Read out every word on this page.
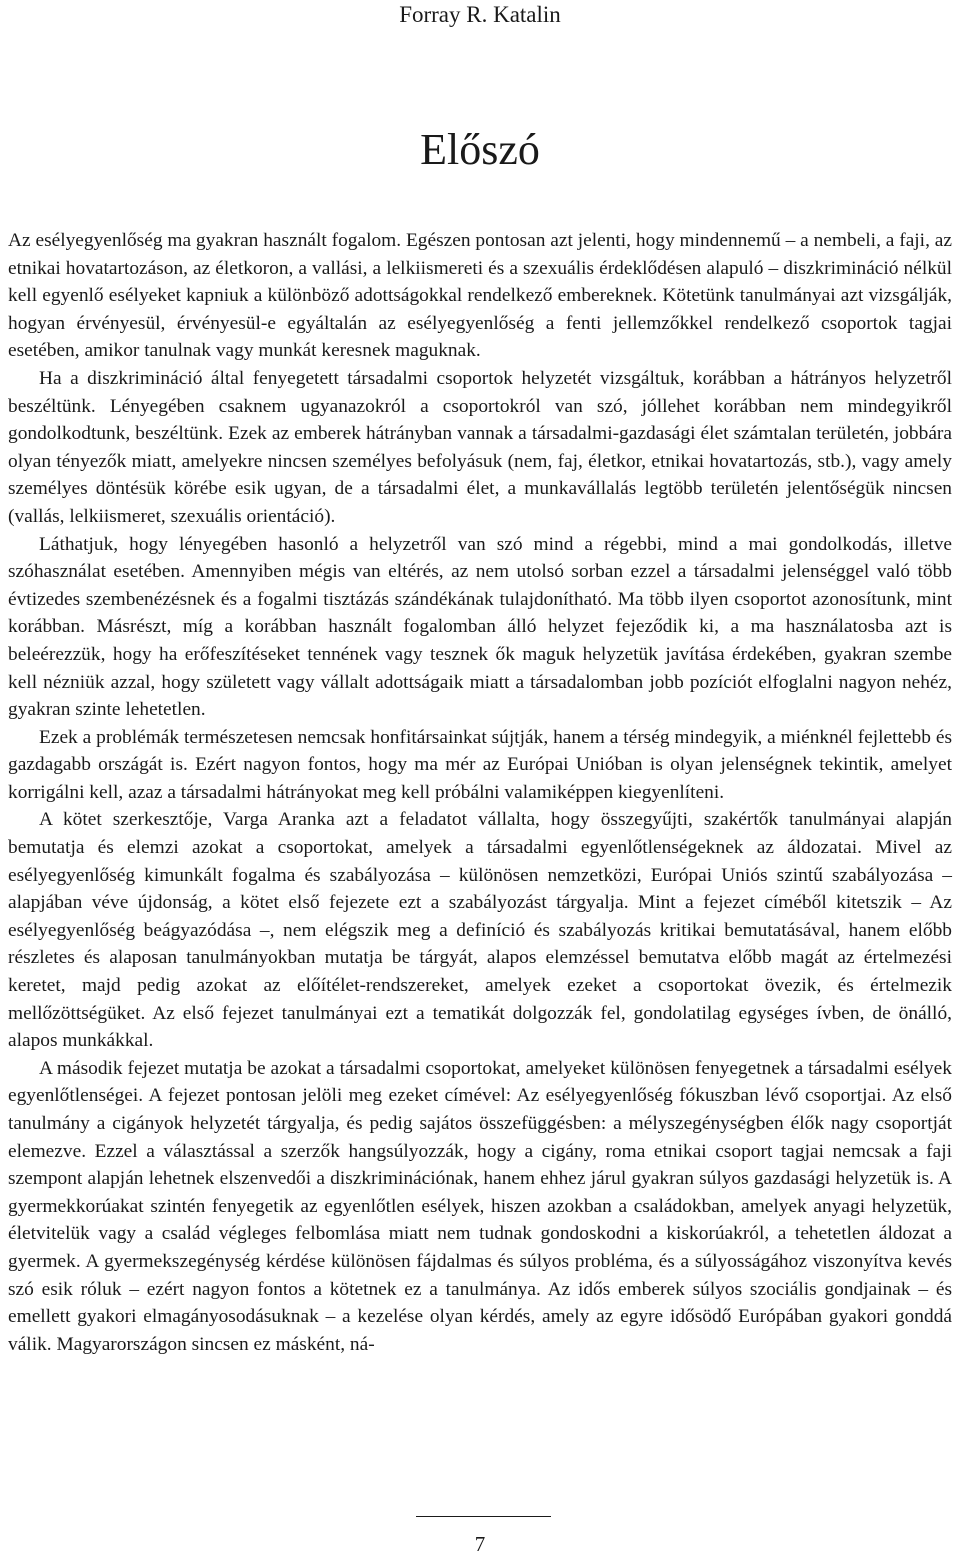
Forray R. Katalin
Előszó

Az esélyegyenlőség ma gyakran használt fogalom. Egészen pontosan azt jelenti, hogy mindennemű – a nembeli, a faji, az etnikai hovatartozáson, az életkoron, a vallási, a lelkiismereti és a szexuális érdeklődésen alapuló – diszkrimináció nélkül kell egyenlő esélyeket kapniuk a különböző adottságokkal rendelkező embereknek. Kötetünk tanulmányai azt vizsgálják, hogyan érvényesül, érvényesül-e egyáltalán az esélyegyenlőség a fenti jellemzőkkel rendelkező csoportok tagjai esetében, amikor tanulnak vagy munkát keresnek maguknak.

Ha a diszkrimináció által fenyegetett társadalmi csoportok helyzetét vizsgáltuk, korábban a hátrányos helyzetről beszéltünk. Lényegében csaknem ugyanazokról a csoportokról van szó, jóllehet korábban nem mindegyikről gondolkodtunk, beszéltünk. Ezek az emberek hátrányban vannak a társadalmi-gazdasági élet számtalan területén, jobbára olyan tényezők miatt, amelyekre nincsen személyes befolyásuk (nem, faj, életkor, etnikai hovatartozás, stb.), vagy amely személyes döntésük körébe esik ugyan, de a társadalmi élet, a munkavállalás legtöbb területén jelentőségük nincsen (vallás, lelkiismeret, szexuális orientáció).

Láthatjuk, hogy lényegében hasonló a helyzetről van szó mind a régebbi, mind a mai gondolkodás, illetve szóhasználat esetében. Amennyiben mégis van eltérés, az nem utolsó sorban ezzel a társadalmi jelenséggel való több évtizedes szembenézésnek és a fogalmi tisztázás szándékának tulajdonítható. Ma több ilyen csoportot azonosítunk, mint korábban. Másrészt, míg a korábban használt fogalomban álló helyzet fejeződik ki, a ma használatosba azt is beleérezzük, hogy ha erőfeszítéseket tennének vagy tesznek ők maguk helyzetük javítása érdekében, gyakran szembe kell nézniük azzal, hogy született vagy vállalt adottságaik miatt a társadalomban jobb pozíciót elfoglalni nagyon nehéz, gyakran szinte lehetetlen.

Ezek a problémák természetesen nemcsak honfitársainkat sújtják, hanem a térség mindegyik, a miénknél fejlettebb és gazdagabb országát is. Ezért nagyon fontos, hogy ma mér az Európai Unióban is olyan jelenségnek tekintik, amelyet korrigálni kell, azaz a társadalmi hátrányokat meg kell próbálni valamiképpen kiegyenlíteni.

A kötet szerkesztője, Varga Aranka azt a feladatot vállalta, hogy összegyűjti, szakértők tanulmányai alapján bemutatja és elemzi azokat a csoportokat, amelyek a társadalmi egyenlőtlenségeknek az áldozatai. Mivel az esélyegyenlőség kimunkált fogalma és szabályozása – különösen nemzetközi, Európai Uniós szintű szabályozása – alapjában véve újdonság, a kötet első fejezete ezt a szabályozást tárgyalja. Mint a fejezet címéből kitetszik – Az esélyegyenlőség beágyazódása –, nem elégszik meg a definíció és szabályozás kritikai bemutatásával, hanem előbb részletes és alaposan tanulmányokban mutatja be tárgyát, alapos elemzéssel bemutatva előbb magát az értelmezési keretet, majd pedig azokat az előítélet-rendszereket, amelyek ezeket a csoportokat övezik, és értelmezik mellőzöttségüket. Az első fejezet tanulmányai ezt a tematikát dolgozzák fel, gondolatilag egységes ívben, de önálló, alapos munkákkal.

A második fejezet mutatja be azokat a társadalmi csoportokat, amelyeket különösen fenyegetnek a társadalmi esélyek egyenlőtlenségei. A fejezet pontosan jelöli meg ezeket címével: Az esélyegyenlőség fókuszban lévő csoportjai. Az első tanulmány a cigányok helyzetét tárgyalja, és pedig sajátos összefüggésben: a mélyszegénységben élők nagy csoportját elemezve. Ezzel a választással a szerzők hangsúlyozzák, hogy a cigány, roma etnikai csoport tagjai nemcsak a faji szempont alapján lehetnek elszenvedői a diszkriminációnak, hanem ehhez járul gyakran súlyos gazdasági helyzetük is. A gyermekkorúakat szintén fenyegetik az egyenlőtlen esélyek, hiszen azokban a családokban, amelyek anyagi helyzetük, életvitelük vagy a család végleges felbomlása miatt nem tudnak gondoskodni a kiskorúakról, a tehetetlen áldozat a gyermek. A gyermekszegénység kérdése különösen fájdalmas és súlyos probléma, és a súlyosságához viszonyítva kevés szó esik róluk – ezért nagyon fontos a kötetnek ez a tanulmánya. Az idős emberek súlyos szociális gondjainak – és emellett gyakori elmagányosodásuknak – a kezelése olyan kérdés, amely az egyre idősödő Európában gyakori gonddá válik. Magyarországon sincsen ez másként, ná-

7
